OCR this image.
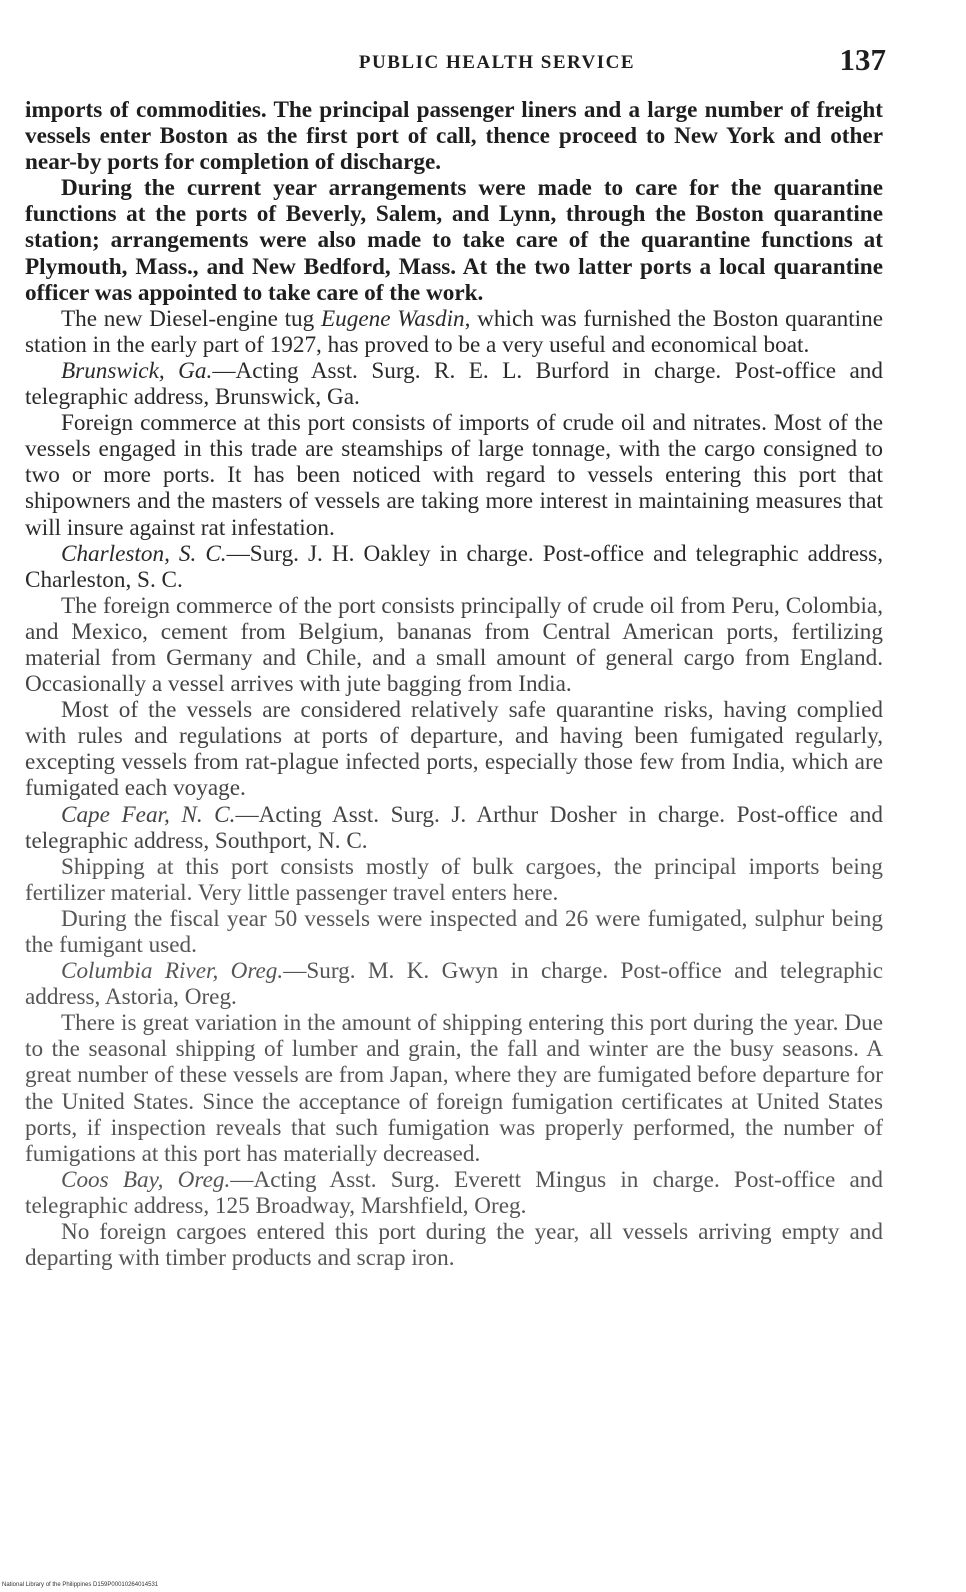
PUBLIC HEALTH SERVICE	137

imports of commodities. The principal passenger liners and a large number of freight vessels enter Boston as the first port of call, thence proceed to New York and other near-by ports for completion of discharge.

During the current year arrangements were made to care for the quarantine functions at the ports of Beverly, Salem, and Lynn, through the Boston quarantine station; arrangements were also made to take care of the quarantine functions at Plymouth, Mass., and New Bedford, Mass. At the two latter ports a local quarantine officer was appointed to take care of the work.

The new Diesel-engine tug Eugene Wasdin, which was furnished the Boston quarantine station in the early part of 1927, has proved to be a very useful and economical boat.

Brunswick, Ga.—Acting Asst. Surg. R. E. L. Burford in charge. Post-office and telegraphic address, Brunswick, Ga.

Foreign commerce at this port consists of imports of crude oil and nitrates. Most of the vessels engaged in this trade are steamships of large tonnage, with the cargo consigned to two or more ports. It has been noticed with regard to vessels entering this port that shipowners and the masters of vessels are taking more interest in maintaining measures that will insure against rat infestation.

Charleston, S. C.—Surg. J. H. Oakley in charge. Post-office and telegraphic address, Charleston, S. C.

The foreign commerce of the port consists principally of crude oil from Peru, Colombia, and Mexico, cement from Belgium, bananas from Central American ports, fertilizing material from Germany and Chile, and a small amount of general cargo from England. Occasionally a vessel arrives with jute bagging from India.

Most of the vessels are considered relatively safe quarantine risks, having complied with rules and regulations at ports of departure, and having been fumigated regularly, excepting vessels from rat-plague infected ports, especially those few from India, which are fumigated each voyage.

Cape Fear, N. C.—Acting Asst. Surg. J. Arthur Dosher in charge. Post-office and telegraphic address, Southport, N. C.

Shipping at this port consists mostly of bulk cargoes, the principal imports being fertilizer material. Very little passenger travel enters here.

During the fiscal year 50 vessels were inspected and 26 were fumigated, sulphur being the fumigant used.

Columbia River, Oreg.—Surg. M. K. Gwyn in charge. Post-office and telegraphic address, Astoria, Oreg.

There is great variation in the amount of shipping entering this port during the year. Due to the seasonal shipping of lumber and grain, the fall and winter are the busy seasons. A great number of these vessels are from Japan, where they are fumigated before departure for the United States. Since the acceptance of foreign fumigation certificates at United States ports, if inspection reveals that such fumigation was properly performed, the number of fumigations at this port has materially decreased.

Coos Bay, Oreg.—Acting Asst. Surg. Everett Mingus in charge. Post-office and telegraphic address, 125 Broadway, Marshfield, Oreg.

No foreign cargoes entered this port during the year, all vessels arriving empty and departing with timber products and scrap iron.

National Library of the Philippines D159P00010264014531
